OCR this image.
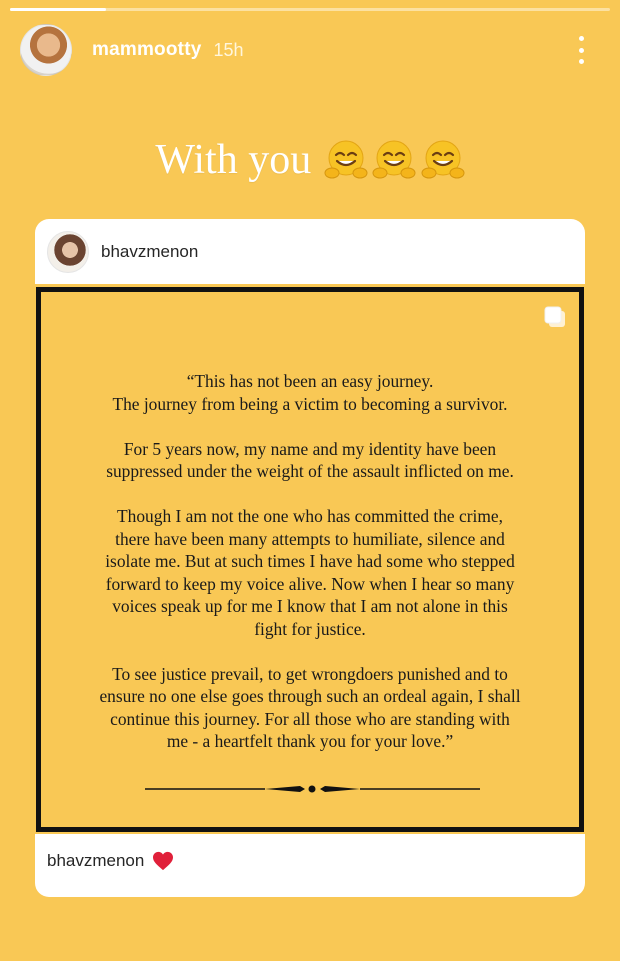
mammootty 15h
With you
bhavzmenon

“This has not been an easy journey.
The journey from being a victim to becoming a survivor.

For 5 years now, my name and my identity have been
suppressed under the weight of the assault inflicted on me.

Though I am not the one who has committed the crime,
there have been many attempts to humiliate, silence and
isolate me. But at such times I have had some who stepped
forward to keep my voice alive. Now when I hear so many
voices speak up for me I know that I am not alone in this
fight for justice.

To see justice prevail, to get wrongdoers punished and to
ensure no one else goes through such an ordeal again, I shall
continue this journey. For all those who are standing with
me - a heartfelt thank you for your love.”

bhavzmenon
